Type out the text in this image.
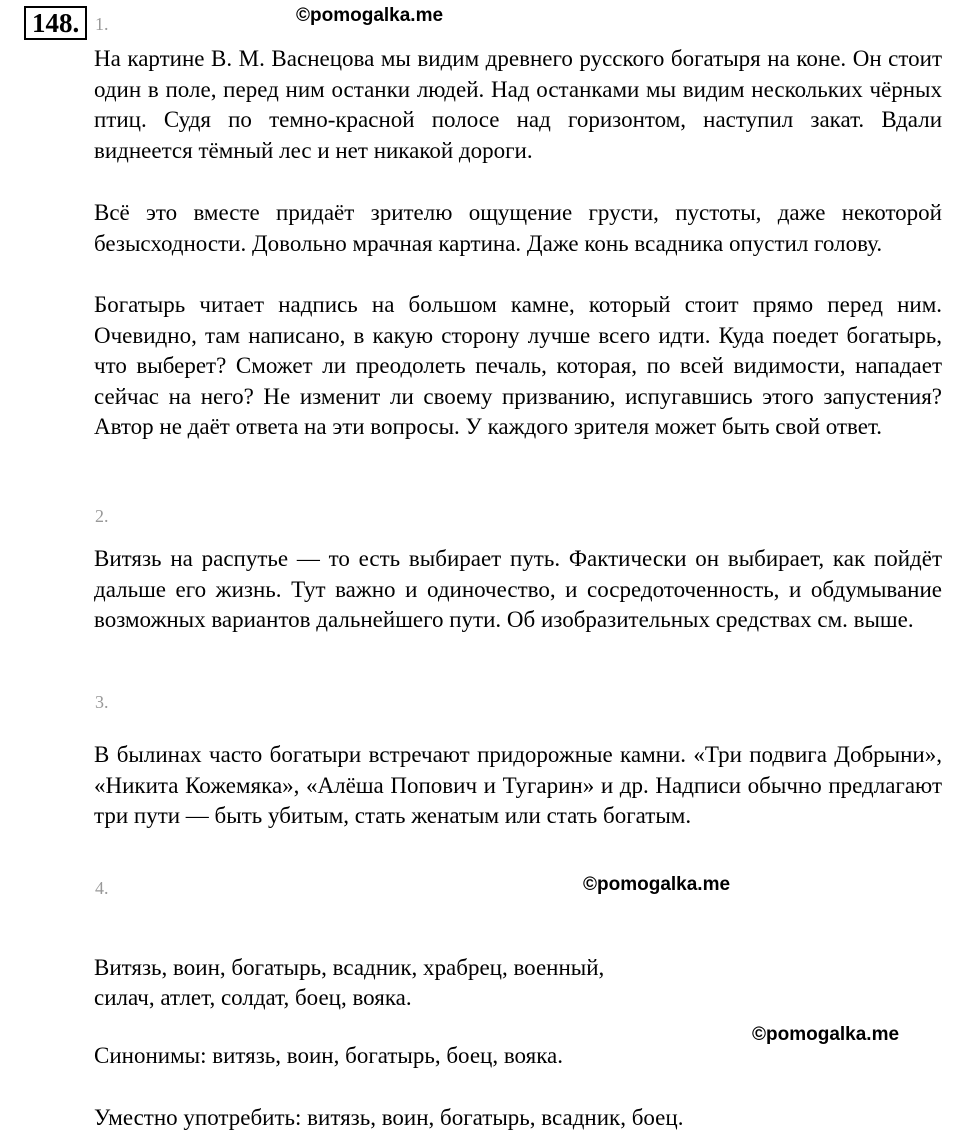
148.	©pomogalka.me
1.
На картине В. М. Васнецова мы видим древнего русского богатыря на коне. Он стоит один в поле, перед ним останки людей. Над останками мы видим нескольких чёрных птиц. Судя по темно-красной полосе над горизонтом, наступил закат. Вдали виднеется тёмный лес и нет никакой дороги.
Всё это вместе придаёт зрителю ощущение грусти, пустоты, даже некоторой безысходности. Довольно мрачная картина. Даже конь всадника опустил голову.
Богатырь читает надпись на большом камне, который стоит прямо перед ним. Очевидно, там написано, в какую сторону лучше всего идти. Куда поедет богатырь, что выберет? Сможет ли преодолеть печаль, которая, по всей видимости, нападает сейчас на него? Не изменит ли своему призванию, испугавшись этого запустения? Автор не даёт ответа на эти вопросы. У каждого зрителя может быть свой ответ.
2.
Витязь на распутье — то есть выбирает путь. Фактически он выбирает, как пойдёт дальше его жизнь. Тут важно и одиночество, и сосредоточенность, и обдумывание возможных вариантов дальнейшего пути. Об изобразительных средствах см. выше.
3.
В былинах часто богатыри встречают придорожные камни. «Три подвига Добрыни», «Никита Кожемяка», «Алёша Попович и Тугарин» и др. Надписи обычно предлагают три пути — быть убитым, стать женатым или стать богатым.
4.	©pomogalka.me
Витязь, воин, богатырь, всадник, храбрец, военный,
силач, атлет, солдат, боец, вояка.
©pomogalka.me
Синонимы: витязь, воин, богатырь, боец, вояка.
Уместно употребить: витязь, воин, богатырь, всадник, боец.
